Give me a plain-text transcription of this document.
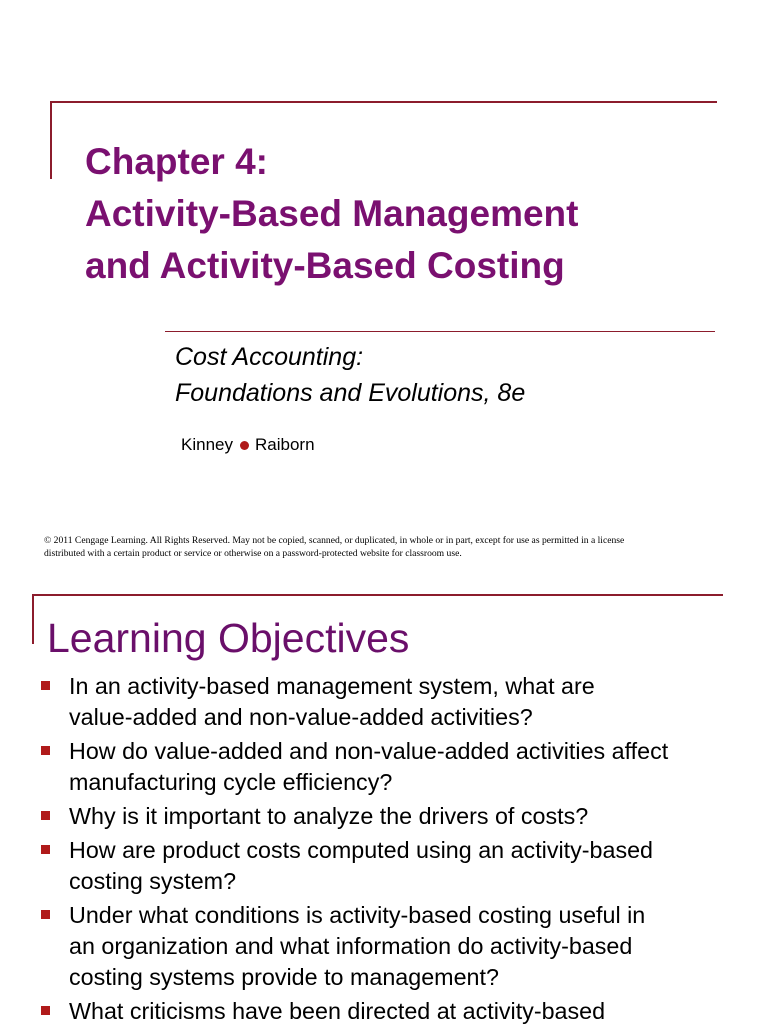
Chapter 4:
Activity-Based Management
and Activity-Based Costing
Cost Accounting:
Foundations and Evolutions, 8e
Kinney Raiborn
© 2011 Cengage Learning. All Rights Reserved. May not be copied, scanned, or duplicated, in whole or in part, except for use as permitted in a license
distributed with a certain product or service or otherwise on a password-protected website for classroom use.
Learning Objectives
In an activity-based management system, what are
value-added and non-value-added activities?
How do value-added and non-value-added activities affect
manufacturing cycle efficiency?
Why is it important to analyze the drivers of costs?
How are product costs computed using an activity-based
costing system?
Under what conditions is activity-based costing useful in
an organization and what information do activity-based
costing systems provide to management?
What criticisms have been directed at activity-based
